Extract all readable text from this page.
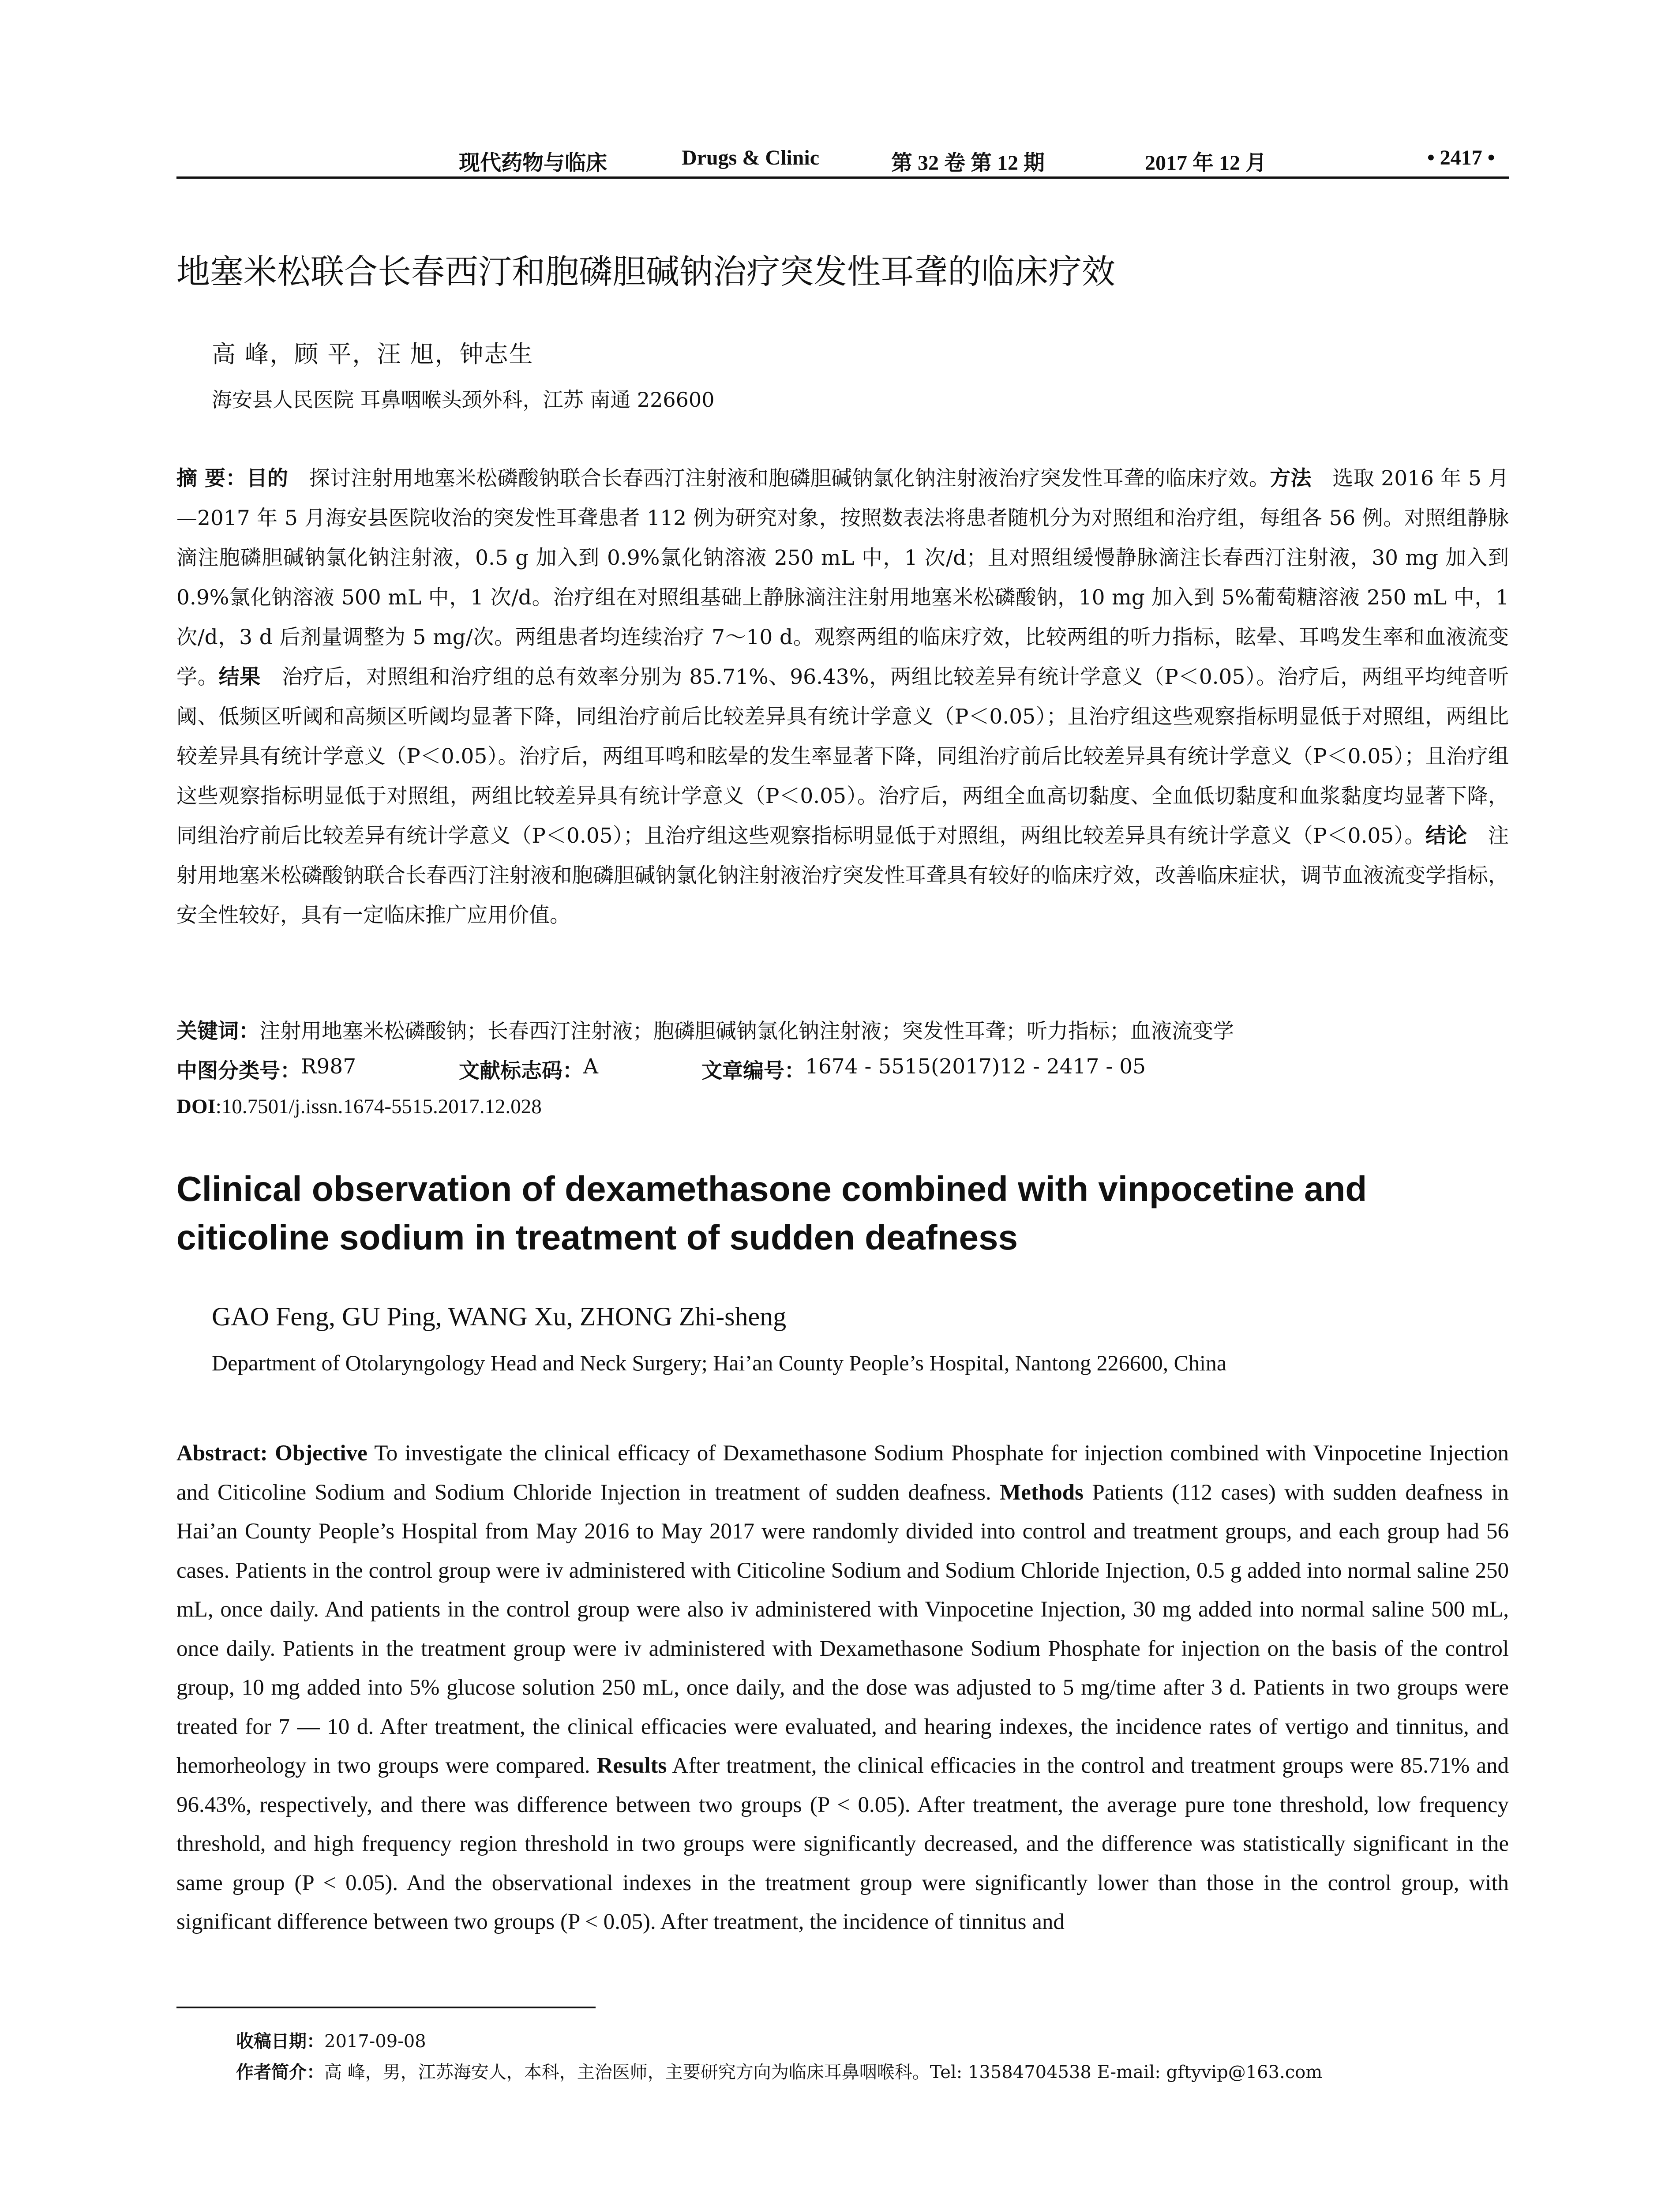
现代药物与临床	Drugs & Clinic	第 32 卷 第 12 期	2017 年 12 月	• 2417 •
地塞米松联合长春西汀和胞磷胆碱钠治疗突发性耳聋的临床疗效
高 峰，顾 平，汪 旭，钟志生
海安县人民医院 耳鼻咽喉头颈外科，江苏 南通 226600
摘 要：目的　探讨注射用地塞米松磷酸钠联合长春西汀注射液和胞磷胆碱钠氯化钠注射液治疗突发性耳聋的临床疗效。方法　选取 2016 年 5 月—2017 年 5 月海安县医院收治的突发性耳聋患者 112 例为研究对象，按照数表法将患者随机分为对照组和治疗组，每组各 56 例。对照组静脉滴注胞磷胆碱钠氯化钠注射液，0.5 g 加入到 0.9%氯化钠溶液 250 mL 中，1 次/d；且对照组缓慢静脉滴注长春西汀注射液，30 mg 加入到 0.9%氯化钠溶液 500 mL 中，1 次/d。治疗组在对照组基础上静脉滴注注射用地塞米松磷酸钠，10 mg 加入到 5%葡萄糖溶液 250 mL 中，1 次/d，3 d 后剂量调整为 5 mg/次。两组患者均连续治疗 7～10 d。观察两组的临床疗效，比较两组的听力指标，眩晕、耳鸣发生率和血液流变学。结果　治疗后，对照组和治疗组的总有效率分别为 85.71%、96.43%，两组比较差异有统计学意义（P＜0.05）。治疗后，两组平均纯音听阈、低频区听阈和高频区听阈均显著下降，同组治疗前后比较差异具有统计学意义（P＜0.05）；且治疗组这些观察指标明显低于对照组，两组比较差异具有统计学意义（P＜0.05）。治疗后，两组耳鸣和眩晕的发生率显著下降，同组治疗前后比较差异具有统计学意义（P＜0.05）；且治疗组这些观察指标明显低于对照组，两组比较差异具有统计学意义（P＜0.05）。治疗后，两组全血高切黏度、全血低切黏度和血浆黏度均显著下降，同组治疗前后比较差异有统计学意义（P＜0.05）；且治疗组这些观察指标明显低于对照组，两组比较差异具有统计学意义（P＜0.05）。结论　注射用地塞米松磷酸钠联合长春西汀注射液和胞磷胆碱钠氯化钠注射液治疗突发性耳聋具有较好的临床疗效，改善临床症状，调节血液流变学指标，安全性较好，具有一定临床推广应用价值。
关键词：注射用地塞米松磷酸钠；长春西汀注射液；胞磷胆碱钠氯化钠注射液；突发性耳聋；听力指标；血液流变学
中图分类号： R987	文献标志码： A	文章编号： 1674 - 5515(2017)12 - 2417 - 05
DOI:10.7501/j.issn.1674-5515.2017.12.028
Clinical observation of dexamethasone combined with vinpocetine and citicoline sodium in treatment of sudden deafness
GAO Feng, GU Ping, WANG Xu, ZHONG Zhi-sheng
Department of Otolaryngology Head and Neck Surgery; Hai’an County People’s Hospital, Nantong 226600, China
Abstract: Objective To investigate the clinical efficacy of Dexamethasone Sodium Phosphate for injection combined with Vinpocetine Injection and Citicoline Sodium and Sodium Chloride Injection in treatment of sudden deafness. Methods Patients (112 cases) with sudden deafness in Hai’an County People’s Hospital from May 2016 to May 2017 were randomly divided into control and treatment groups, and each group had 56 cases. Patients in the control group were iv administered with Citicoline Sodium and Sodium Chloride Injection, 0.5 g added into normal saline 250 mL, once daily. And patients in the control group were also iv administered with Vinpocetine Injection, 30 mg added into normal saline 500 mL, once daily. Patients in the treatment group were iv administered with Dexamethasone Sodium Phosphate for injection on the basis of the control group, 10 mg added into 5% glucose solution 250 mL, once daily, and the dose was adjusted to 5 mg/time after 3 d. Patients in two groups were treated for 7 — 10 d. After treatment, the clinical efficacies were evaluated, and hearing indexes, the incidence rates of vertigo and tinnitus, and hemorheology in two groups were compared. Results After treatment, the clinical efficacies in the control and treatment groups were 85.71% and 96.43%, respectively, and there was difference between two groups (P < 0.05). After treatment, the average pure tone threshold, low frequency threshold, and high frequency region threshold in two groups were significantly decreased, and the difference was statistically significant in the same group (P < 0.05). And the observational indexes in the treatment group were significantly lower than those in the control group, with significant difference between two groups (P < 0.05). After treatment, the incidence of tinnitus and
收稿日期：2017-09-08
作者简介：高 峰，男，江苏海安人，本科，主治医师，主要研究方向为临床耳鼻咽喉科。Tel: 13584704538 E-mail: gftyvip@163.com
